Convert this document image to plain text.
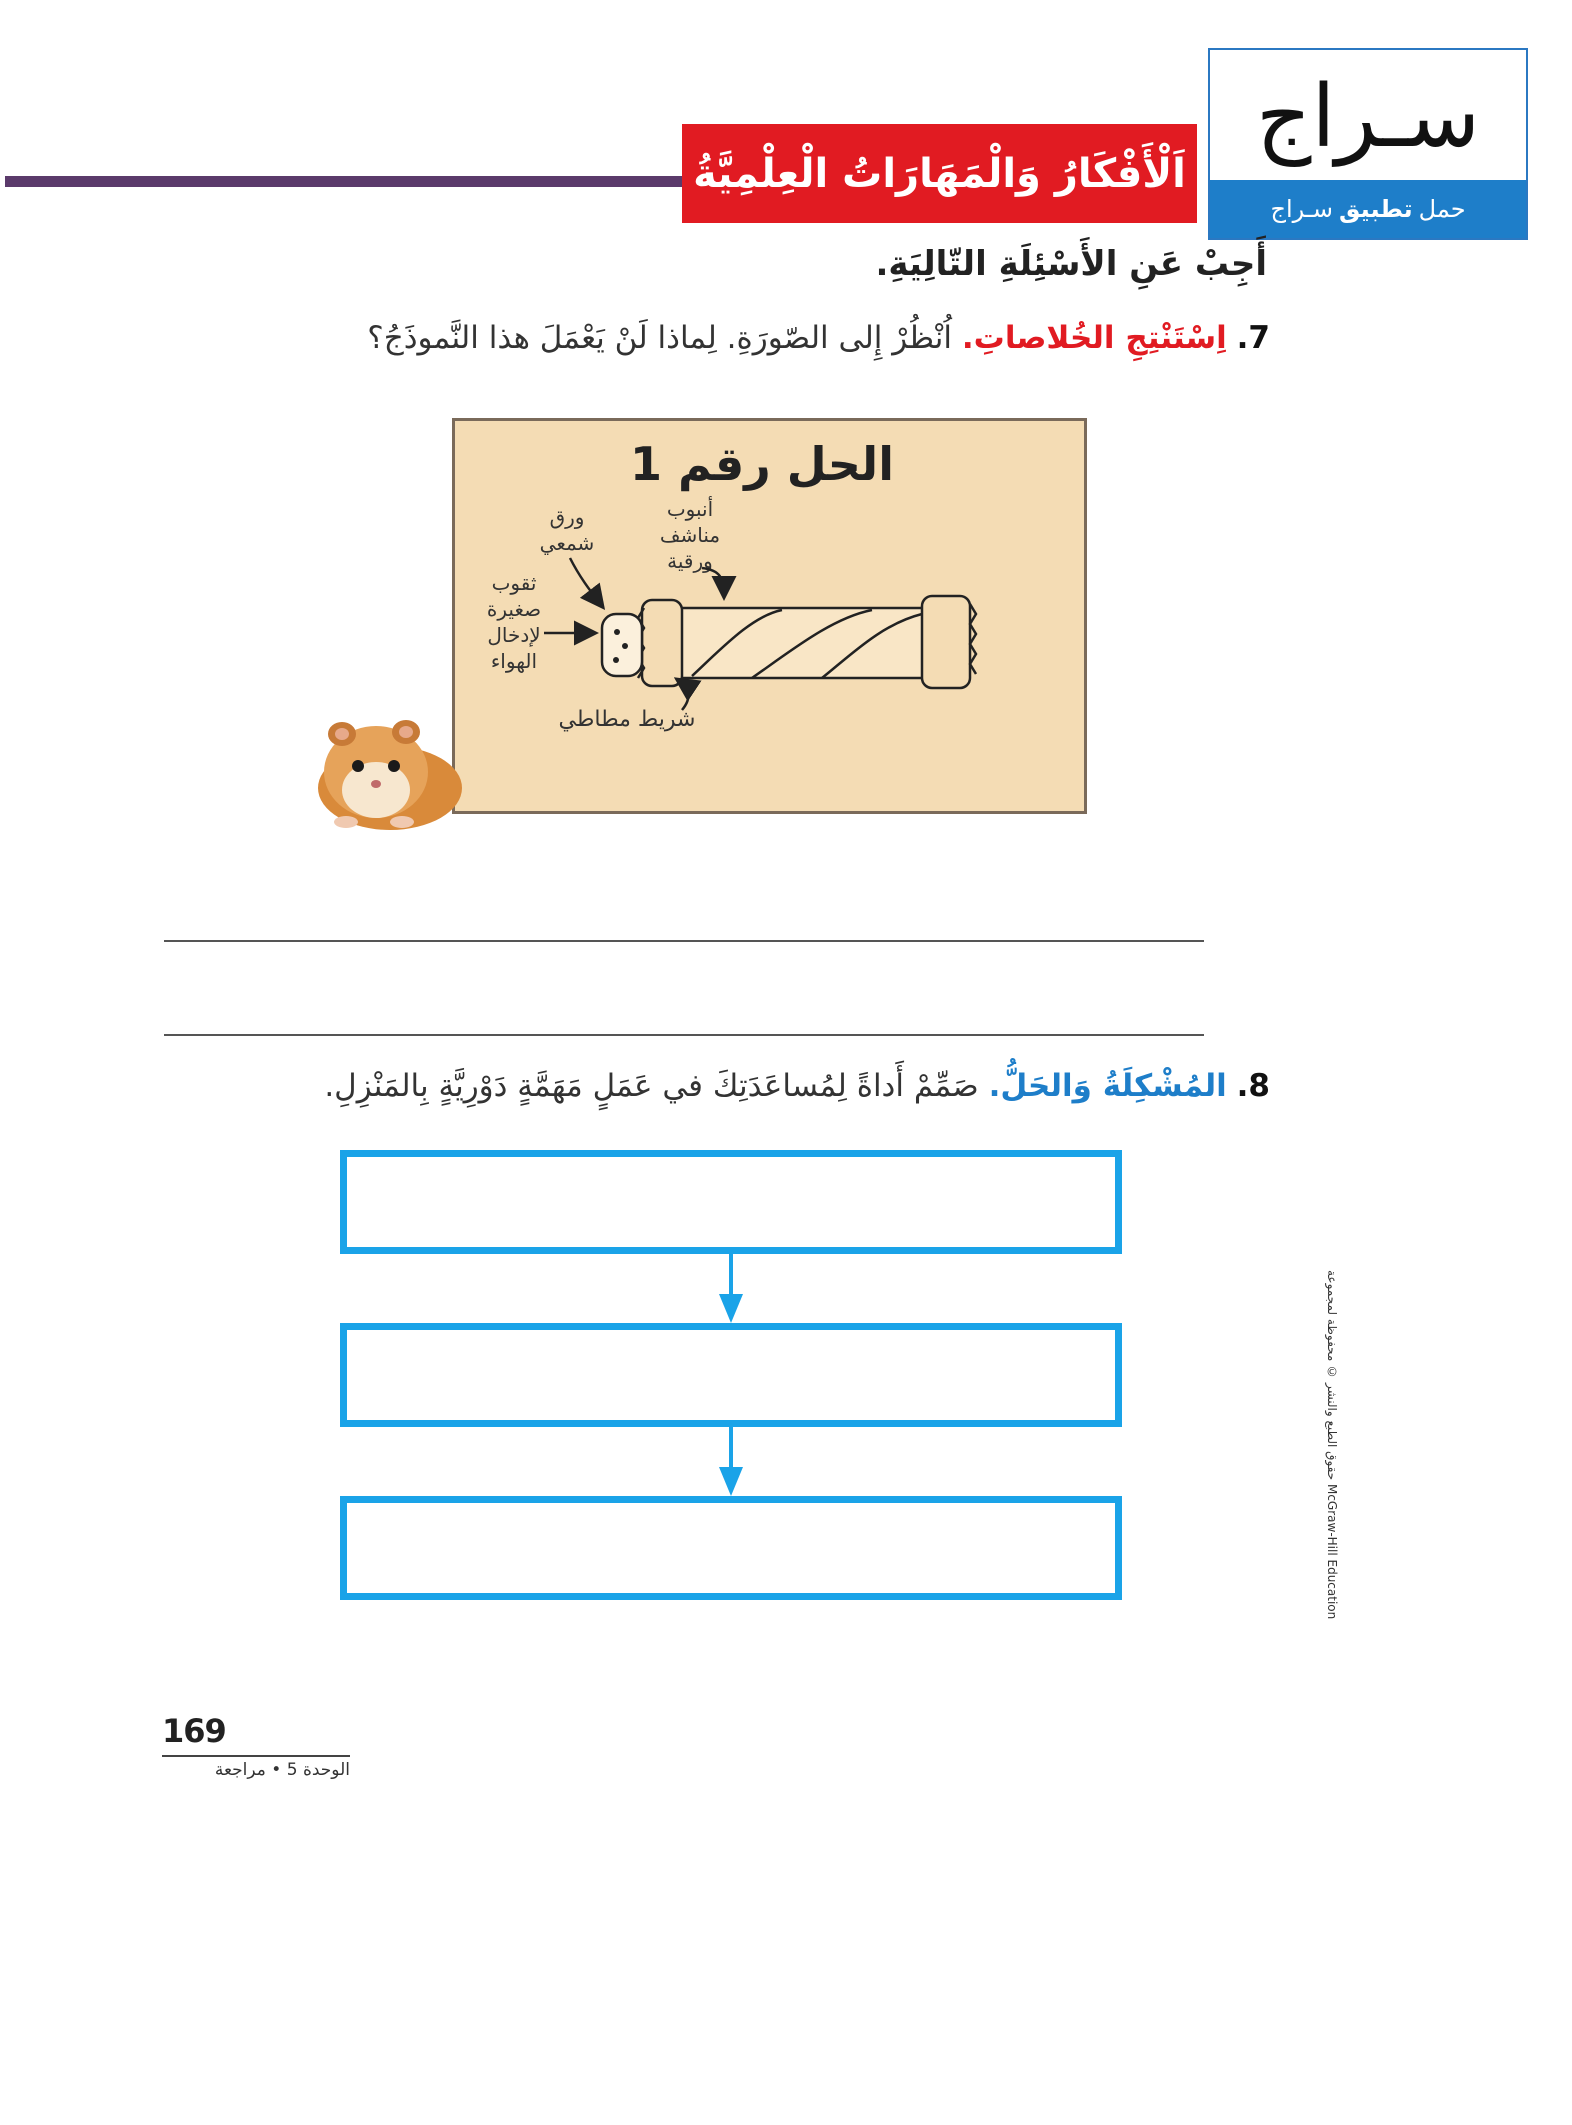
اَلْأَفْكَارُ وَالْمَهَارَاتُ الْعِلْمِيَّةُ
سـراج
حمل
تطبيق
سـراج
أَجِبْ عَنِ الأَسْئِلَةِ التّالِيَةِ.
7. اِسْتَنْتِجِ الخُلاصاتِ. اُنْظُرْ إِلى الصّورَةِ. لِماذا لَنْ يَعْمَلَ هذا النَّموذَجُ؟
الحل رقم 1
ورق
شمعي
أنبوب
مناشف
ورقية
ثقوب
صغيرة
لإدخال
الهواء
شريط مطاطي
8. المُشْكِلَةُ وَالحَلُّ. صَمِّمْ أَداةً لِمُساعَدَتِكَ في عَمَلٍ مَهَمَّةٍ دَوْرِيَّةٍ بِالمَنْزِلِ.
حقوق الطبع والنشر © محفوظة لمجموعة McGraw-Hill Education
169
الوحدة 5 • مراجعة
